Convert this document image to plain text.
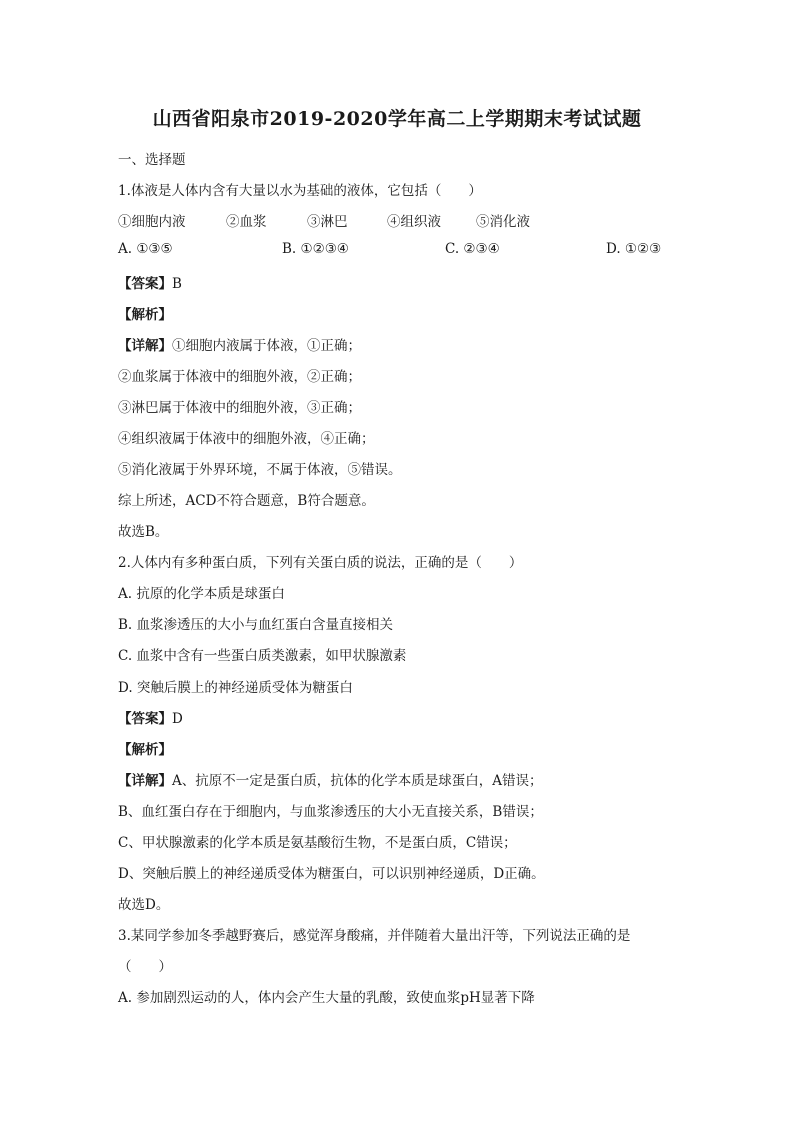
山西省阳泉市2019-2020学年高二上学期期末考试试题
一、选择题
1.体液是人体内含有大量以水为基础的液体，它包括（　　）
①细胞内液	②血浆	③淋巴	④组织液	⑤消化液
A. ①③⑤	B. ①②③④	C. ②③④	D. ①②③
【答案】B
【解析】
【详解】①细胞内液属于体液，①正确；
②血浆属于体液中的细胞外液，②正确；
③淋巴属于体液中的细胞外液，③正确；
④组织液属于体液中的细胞外液，④正确；
⑤消化液属于外界环境，不属于体液，⑤错误。
综上所述，ACD不符合题意，B符合题意。
故选B。
2.人体内有多种蛋白质，下列有关蛋白质的说法，正确的是（　　）
A. 抗原的化学本质是球蛋白
B. 血浆渗透压的大小与血红蛋白含量直接相关
C. 血浆中含有一些蛋白质类激素，如甲状腺激素
D. 突触后膜上的神经递质受体为糖蛋白
【答案】D
【解析】
【详解】A、抗原不一定是蛋白质，抗体的化学本质是球蛋白，A错误；
B、血红蛋白存在于细胞内，与血浆渗透压的大小无直接关系，B错误；
C、甲状腺激素的化学本质是氨基酸衍生物，不是蛋白质，C错误；
D、突触后膜上的神经递质受体为糖蛋白，可以识别神经递质，D正确。
故选D。
3.某同学参加冬季越野赛后，感觉浑身酸痛，并伴随着大量出汗等，下列说法正确的是
（　　）
A. 参加剧烈运动的人，体内会产生大量的乳酸，致使血浆pH显著下降
